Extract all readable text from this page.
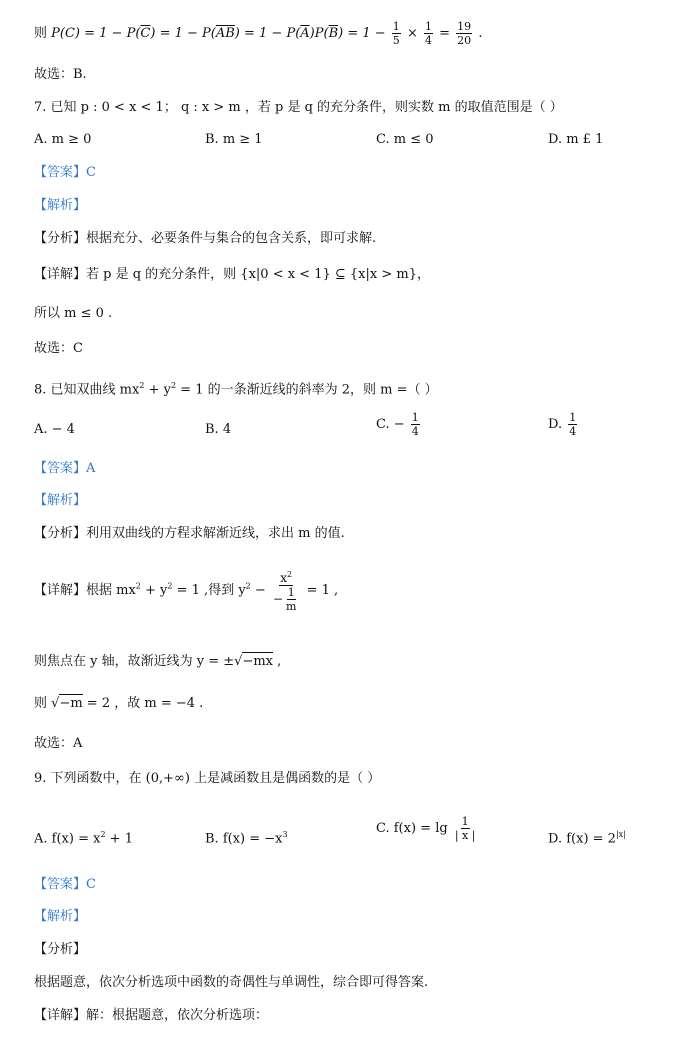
则 $P(C) = 1 - P(\overline{C}) = 1 - P(\overline{AB}) = 1 - P(\overline{A})P(\overline{B}) = 1 - \frac{1}{5} \times \frac{1}{4} = \frac{19}{20}$ .
故选：B.
7. 已知 p : 0 < x < 1； q : x > m ，若 p 是 q 的充分条件，则实数 m 的取值范围是（ ）
A. m ≥ 0	B. m ≥ 1	C. m ≤ 0	D. m £ 1
【答案】C
【解析】
【分析】根据充分、必要条件与集合的包含关系，即可求解.
【详解】若 p 是 q 的充分条件，则 {x|0 < x < 1} ⊆ {x|x > m}，
所以 m ≤ 0 .
故选：C
8. 已知双曲线 $mx^2 + y^2 = 1$ 的一条渐近线的斜率为 2，则 m =（ ）
A. − 4	B. 4	C. − $\frac{1}{4}$	D. $\frac{1}{4}$
【答案】A
【解析】
【分析】利用双曲线的方程求解渐近线，求出 m 的值.
【详解】根据 $mx^2 + y^2 = 1$ ,得到 $y^2 - \frac{x^2}{- \frac{1}{m}} = 1$ ,
则焦点在 y 轴，故渐近线为 y = ±√−mx ,
则 √−m = 2 ，故 m = −4 .
故选：A
9. 下列函数中，在 (0,+∞) 上是减函数且是偶函数的是（ ）
A. $f(x) = x^2 + 1$	B. $f(x) = -x^3$	C. $f(x) = \lg \frac{1}{| x |}$	D. $f(x) = 2^{|x|}$
【答案】C
【解析】
【分析】
根据题意，依次分析选项中函数的奇偶性与单调性，综合即可得答案.
【详解】解：根据题意，依次分析选项：
